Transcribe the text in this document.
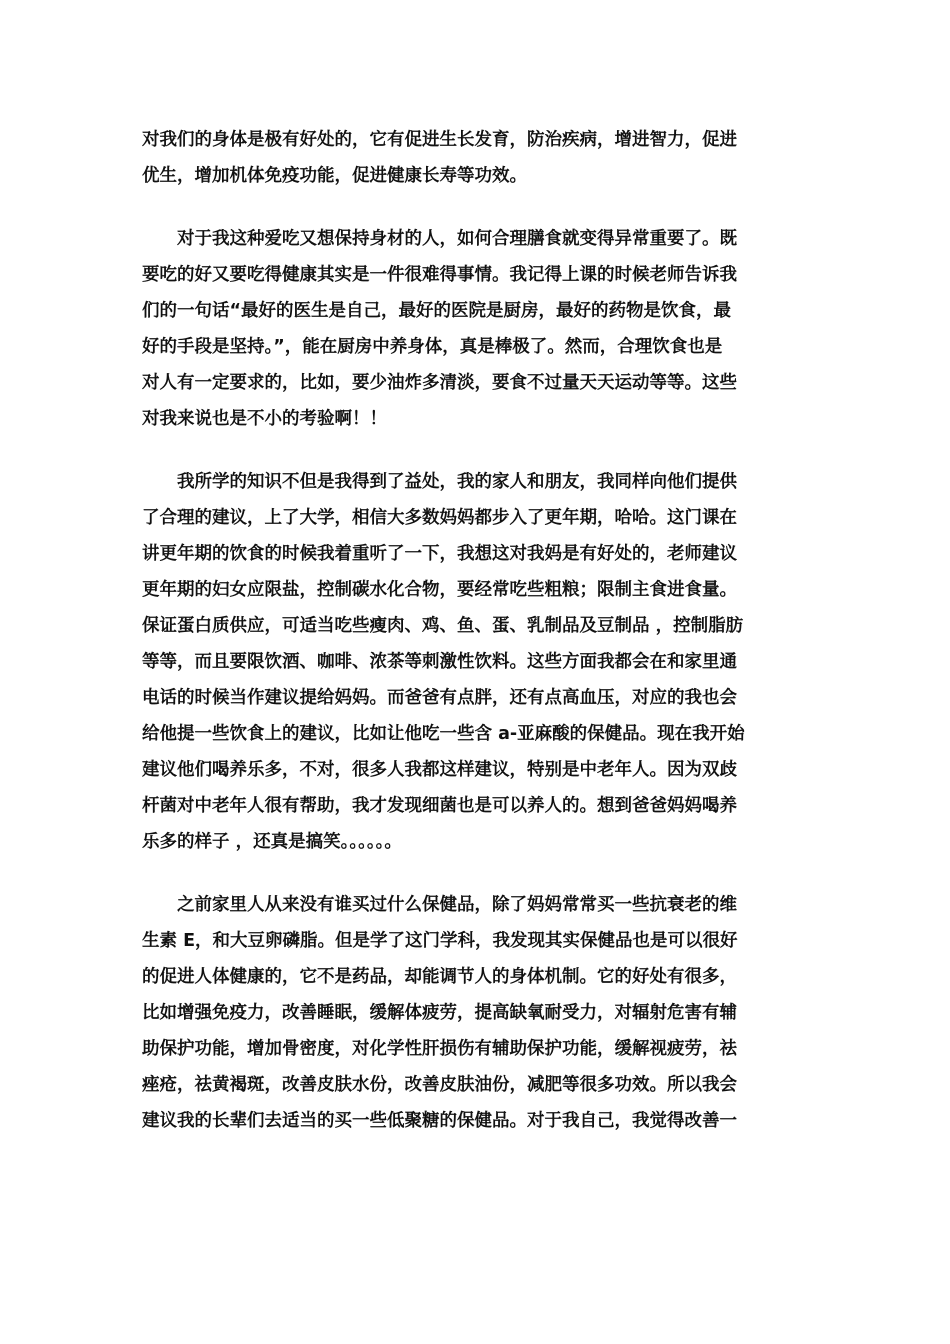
对我们的身体是极有好处的，它有促进生长发育，防治疾病，增进智力，促进
优生，增加机体免疫功能，促进健康长寿等功效。
　　对于我这种爱吃又想保持身材的人，如何合理膳食就变得异常重要了。既
要吃的好又要吃得健康其实是一件很难得事情。我记得上课的时候老师告诉我
们的一句话“最好的医生是自己，最好的医院是厨房，最好的药物是饮食，最
好的手段是坚持。”，能在厨房中养身体，真是棒极了。然而，合理饮食也是
对人有一定要求的，比如，要少油炸多清淡，要食不过量天天运动等等。这些
对我来说也是不小的考验啊！！
　　我所学的知识不但是我得到了益处，我的家人和朋友，我同样向他们提供
了合理的建议，上了大学，相信大多数妈妈都步入了更年期，哈哈。这门课在
讲更年期的饮食的时候我着重听了一下，我想这对我妈是有好处的，老师建议
更年期的妇女应限盐，控制碳水化合物，要经常吃些粗粮；限制主食进食量。
保证蛋白质供应，可适当吃些瘦肉、鸡、鱼、蛋、乳制品及豆制品 ，控制脂肪
等等，而且要限饮酒、咖啡、浓茶等刺激性饮料。这些方面我都会在和家里通
电话的时候当作建议提给妈妈。而爸爸有点胖，还有点高血压，对应的我也会
给他提一些饮食上的建议，比如让他吃一些含 a-亚麻酸的保健品。现在我开始
建议他们喝养乐多，不对，很多人我都这样建议，特别是中老年人。因为双歧
杆菌对中老年人很有帮助，我才发现细菌也是可以养人的。想到爸爸妈妈喝养
乐多的样子 ，还真是搞笑。。。。。。
　　之前家里人从来没有谁买过什么保健品，除了妈妈常常买一些抗衰老的维
生素 E，和大豆卵磷脂。但是学了这门学科，我发现其实保健品也是可以很好
的促进人体健康的，它不是药品，却能调节人的身体机制。它的好处有很多，
比如增强免疫力，改善睡眠，缓解体疲劳，提高缺氧耐受力，对辐射危害有辅
助保护功能，增加骨密度，对化学性肝损伤有辅助保护功能，缓解视疲劳，祛
痤疮，祛黄褐斑，改善皮肤水份，改善皮肤油份，减肥等很多功效。所以我会
建议我的长辈们去适当的买一些低聚糖的保健品。对于我自己，我觉得改善一
